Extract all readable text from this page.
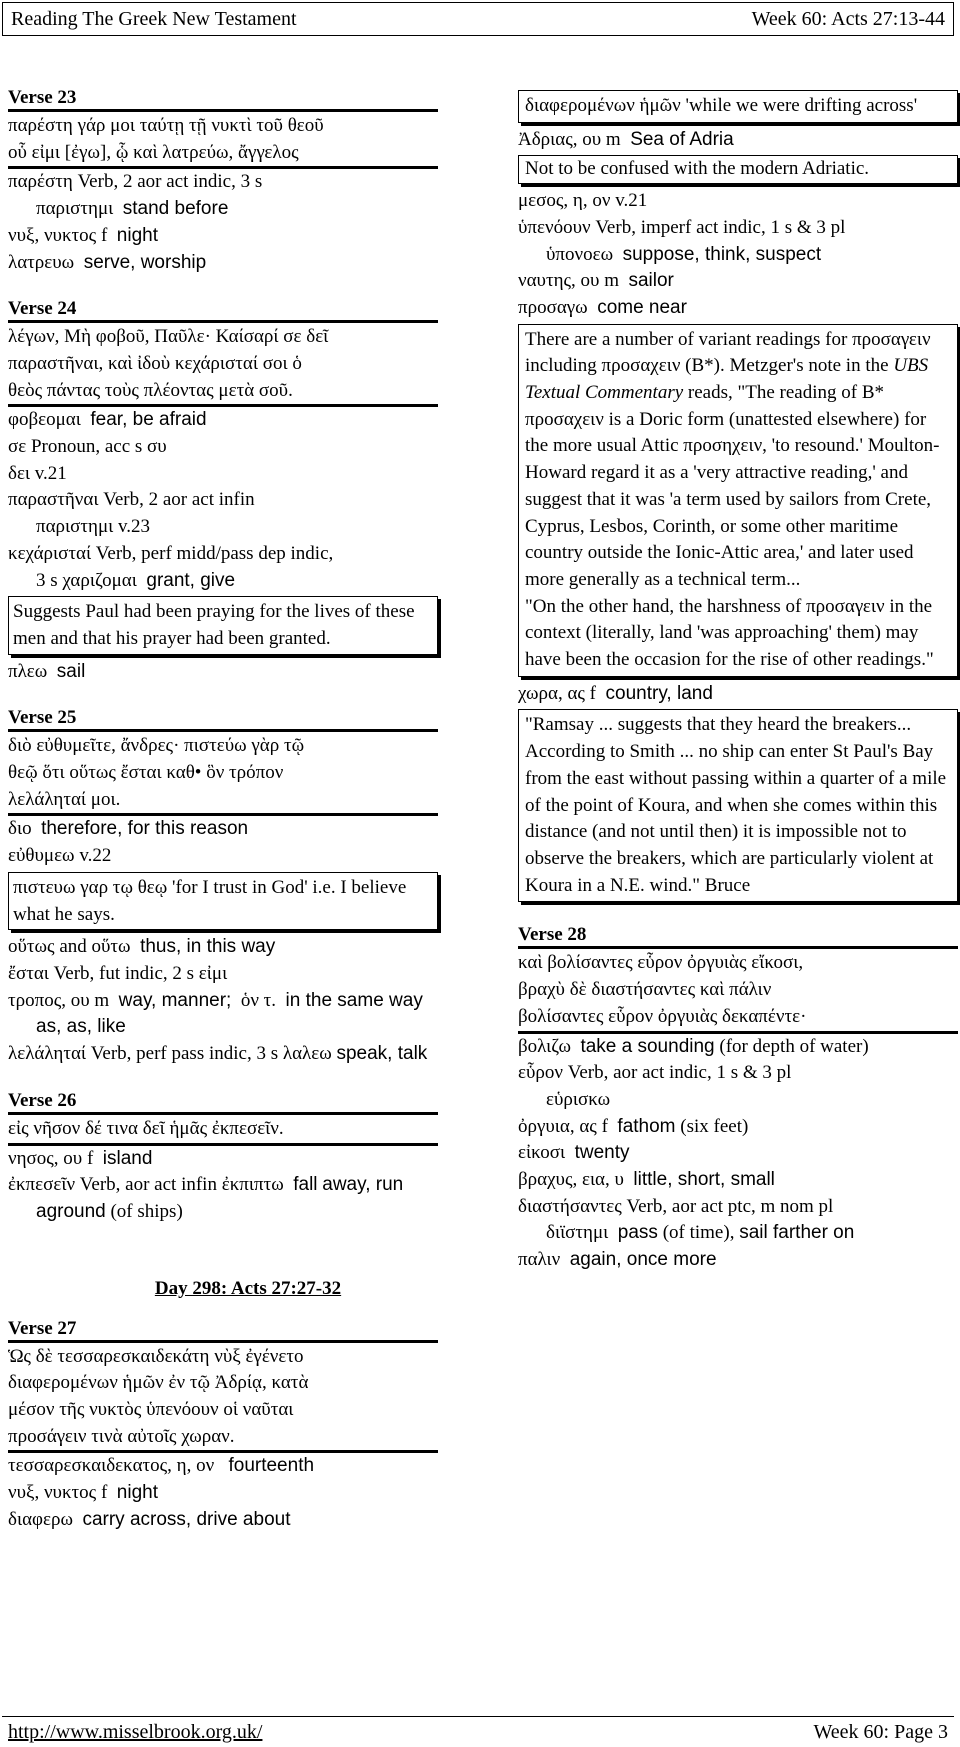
Reading The Greek New Testament	Week 60: Acts 27:13-44
Verse 23
παρέστη γάρ μοι ταύτῃ τῇ νυκτὶ τοῦ θεοῦ
οὗ εἰμι [ἐγω], ᾧ καὶ λατρεύω, ἄγγελος
παρέστη Verb, 2 aor act indic, 3 s
παριστημι stand before
νυξ, νυκτος f night
λατρευω serve, worship
Verse 24
λέγων, Μὴ φοβοῦ, Παῦλε· Καίσαρί σε δεῖ
παραστῆναι, καὶ ἰδοὺ κεχάρισταί σοι ὁ
θεὸς πάντας τοὺς πλέοντας μετὰ σοῦ.
φοβεομαι fear, be afraid
σε Pronoun, acc s συ
δει v.21
παραστῆναι Verb, 2 aor act infin
παριστημι v.23
κεχάρισταί Verb, perf midd/pass dep indic,
3 s χαριζομαι grant, give
Suggests Paul had been praying for the lives of these men and that his prayer had been granted.
πλεω sail
Verse 25
διὸ εὐθυμεῖτε, ἄνδρες· πιστεύω γὰρ τῷ
θεῷ ὅτι οὕτως ἔσται καθ• ὃν τρόπον
λελάληταί μοι.
διο therefore, for this reason
εὐθυμεω v.22
πιστευω γαρ τῳ θεῳ 'for I trust in God' i.e. I believe what he says.
οὕτως and οὕτω thus, in this way
ἔσται Verb, fut indic, 2 s εἰμι
τροπος, ου m way, manner; ὁν τ. in the same way as, as, like
λελάληταί Verb, perf pass indic, 3 s λαλεω speak, talk
Verse 26
εἰς νῆσον δέ τινα δεῖ ἡμᾶς ἐκπεσεῖν.
νησος, ου f island
ἐκπεσεῖν Verb, aor act infin ἐκπιπτω fall away, run aground (of ships)
Day 298: Acts 27:27-32
Verse 27
Ὡς δὲ τεσσαρεσκαιδεκάτη νὺξ ἐγένετο
διαφερομένων ἡμῶν ἐν τῷ Ἀδρίᾳ, κατὰ
μέσον τῆς νυκτὸς ὑπενόουν οἱ ναῦται
προσάγειν τινὰ αὐτοῖς χωραν.
τεσσαρεσκαιδεκατος, η, ον fourteenth
νυξ, νυκτος f night
διαφερω carry across, drive about
διαφερομένων ἡμῶν 'while we were drifting across'
Ἀδριας, ου m Sea of Adria
Not to be confused with the modern Adriatic.
μεσος, η, ον v.21
ὑπενόουν Verb, imperf act indic, 1 s & 3 pl
ὑπονοεω suppose, think, suspect
ναυτης, ου m sailor
προσαγω come near
There are a number of variant readings for προσαγειν including προσαχειν (B*). Metzger's note in the UBS Textual Commentary reads, "The reading of B* προσαχειν is a Doric form (unattested elsewhere) for the more usual Attic προσηχειν, 'to resound.' Moulton-Howard regard it as a 'very attractive reading,' and suggest that it was 'a term used by sailors from Crete, Cyprus, Lesbos, Corinth, or some other maritime country outside the Ionic-Attic area,' and later used more generally as a technical term...
"On the other hand, the harshness of προσαγειν in the context (literally, land 'was approaching' them) may have been the occasion for the rise of other readings."
χωρα, ας f country, land
"Ramsay ... suggests that they heard the breakers... According to Smith ... no ship can enter St Paul's Bay from the east without passing within a quarter of a mile of the point of Koura, and when she comes within this distance (and not until then) it is impossible not to observe the breakers, which are particularly violent at Koura in a N.E. wind." Bruce
Verse 28
καὶ βολίσαντες εὗρον ὀργυιὰς εἴκοσι,
βραχὺ δὲ διαστήσαντες καὶ πάλιν
βολίσαντες εὗρον ὀργυιὰς δεκαπέντε·
βολιζω take a sounding (for depth of water)
εὗρον Verb, aor act indic, 1 s & 3 pl
εὑρισκω
ὀργυια, ας f fathom (six feet)
εἰκοσι twenty
βραχυς, εια, υ little, short, small
διαστήσαντες Verb, aor act ptc, m nom pl
διϊστημι pass (of time), sail farther on
παλιν again, once more
http://www.misselbrook.org.uk/	Week 60: Page 3
